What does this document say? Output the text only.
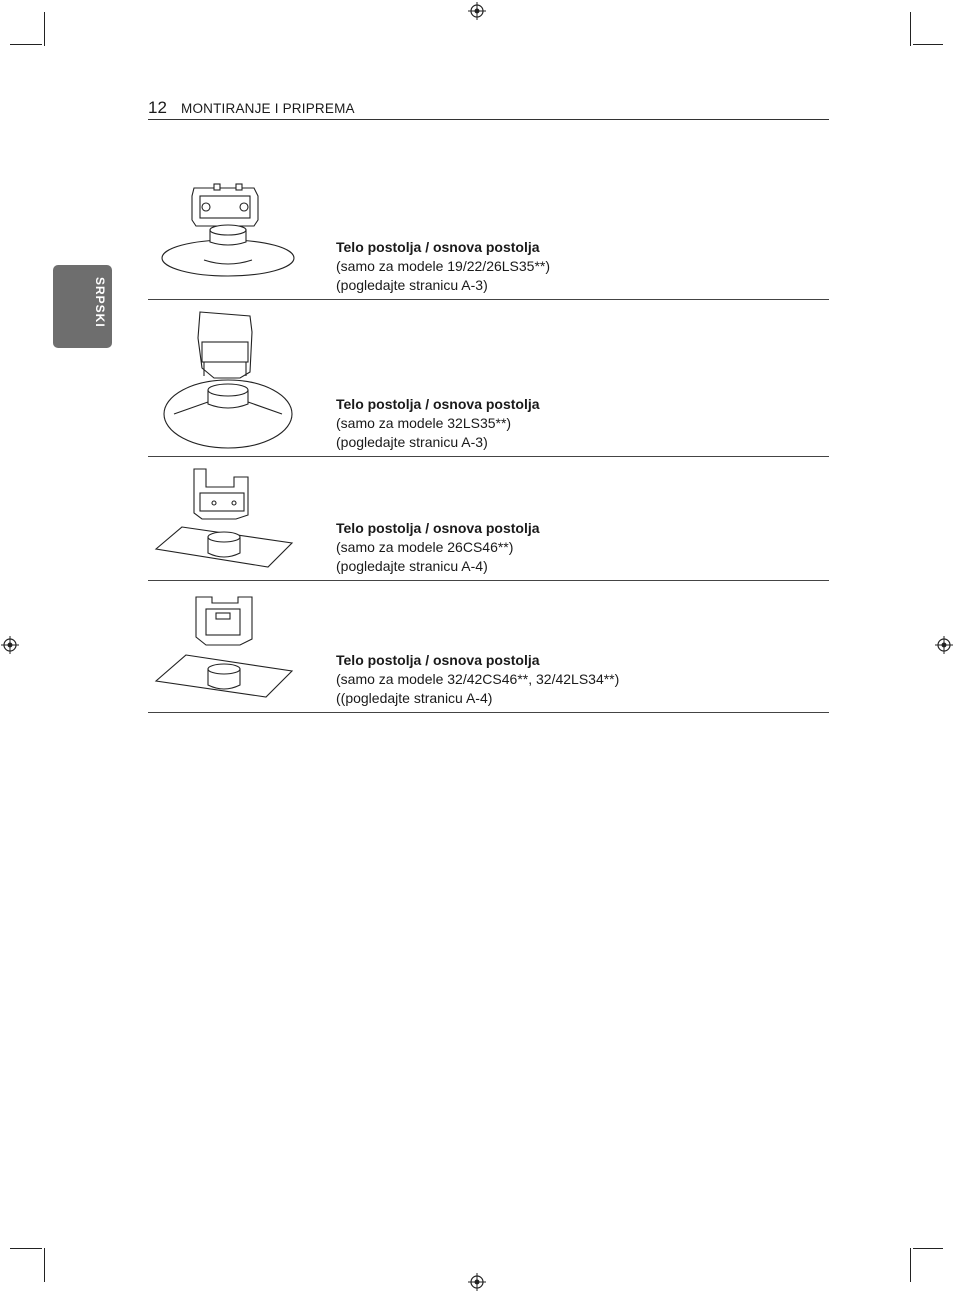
12 MONTIRANJE I PRIPREMA
SRPSKI
Telo postolja / osnova postolja
(samo za modele 19/22/26LS35**)
(pogledajte stranicu A-3)
Telo postolja / osnova postolja
(samo za modele 32LS35**)
(pogledajte stranicu A-3)
Telo postolja / osnova postolja
(samo za modele 26CS46**)
(pogledajte stranicu A-4)
Telo postolja / osnova postolja
(samo za modele 32/42CS46**, 32/42LS34**)
((pogledajte stranicu A-4)
